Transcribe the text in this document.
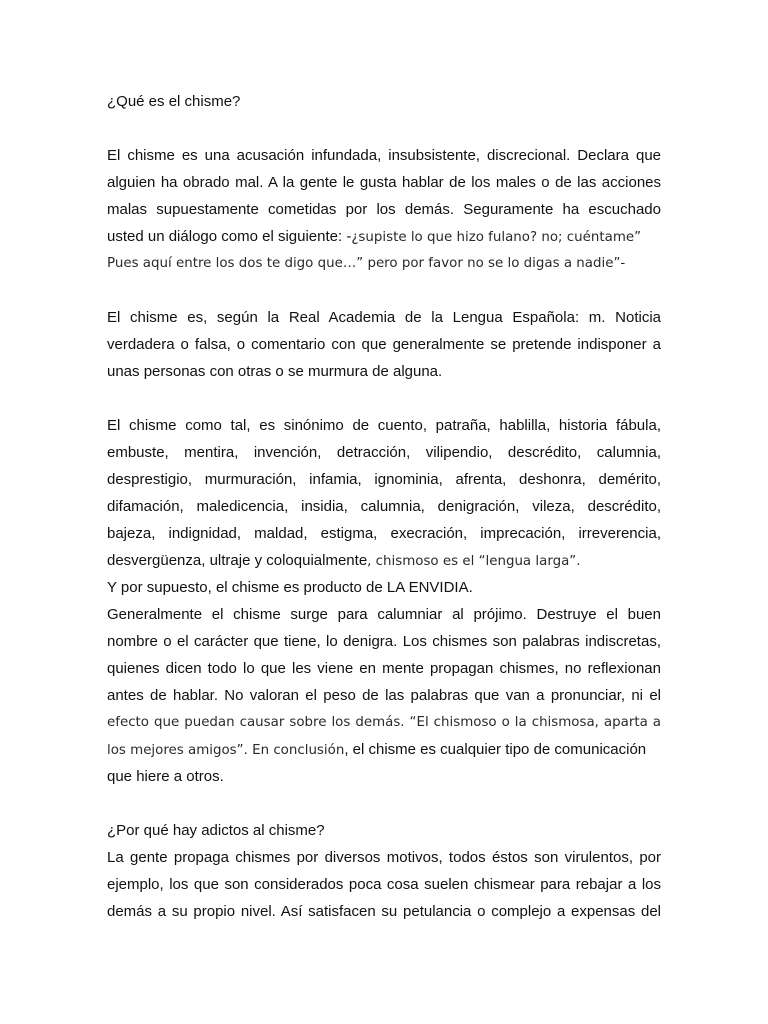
¿Qué es el chisme?
El chisme es una acusación infundada, insubsistente, discrecional. Declara que
alguien ha obrado mal. A la gente le gusta hablar de los males o de las acciones
malas supuestamente cometidas por los demás. Seguramente ha escuchado
usted un diálogo como el siguiente: -¿supiste lo que hizo fulano? no; cuéntame”
Pues aquí entre los dos te digo que…” pero por favor no se lo digas a nadie”-
El chisme es, según la Real Academia de la Lengua Española: m. Noticia
verdadera o falsa, o comentario con que generalmente se pretende indisponer a
unas personas con otras o se murmura de alguna.
El chisme como tal, es sinónimo de cuento, patraña, hablilla, historia fábula,
embuste, mentira, invención, detracción, vilipendio, descrédito, calumnia,
desprestigio, murmuración, infamia, ignominia, afrenta, deshonra, demérito,
difamación, maledicencia, insidia, calumnia, denigración, vileza, descrédito,
bajeza, indignidad, maldad, estigma, execración, imprecación, irreverencia,
desvergüenza, ultraje y coloquialmente, chismoso es el “lengua larga”.
Y por supuesto, el chisme es producto de LA ENVIDIA.
Generalmente el chisme surge para calumniar al prójimo. Destruye el buen
nombre o el carácter que tiene, lo denigra. Los chismes son palabras indiscretas,
quienes dicen todo lo que les viene en mente propagan chismes, no reflexionan
antes de hablar. No valoran el peso de las palabras que van a pronunciar, ni el
efecto que puedan causar sobre los demás. “El chismoso o la chismosa, aparta a
los mejores amigos”. En conclusión, el chisme es cualquier tipo de comunicación
que hiere a otros.
¿Por qué hay adictos al chisme?
La gente propaga chismes por diversos motivos, todos éstos son virulentos, por
ejemplo, los que son considerados poca cosa suelen chismear para rebajar a los
demás a su propio nivel. Así satisfacen su petulancia o complejo a expensas del
